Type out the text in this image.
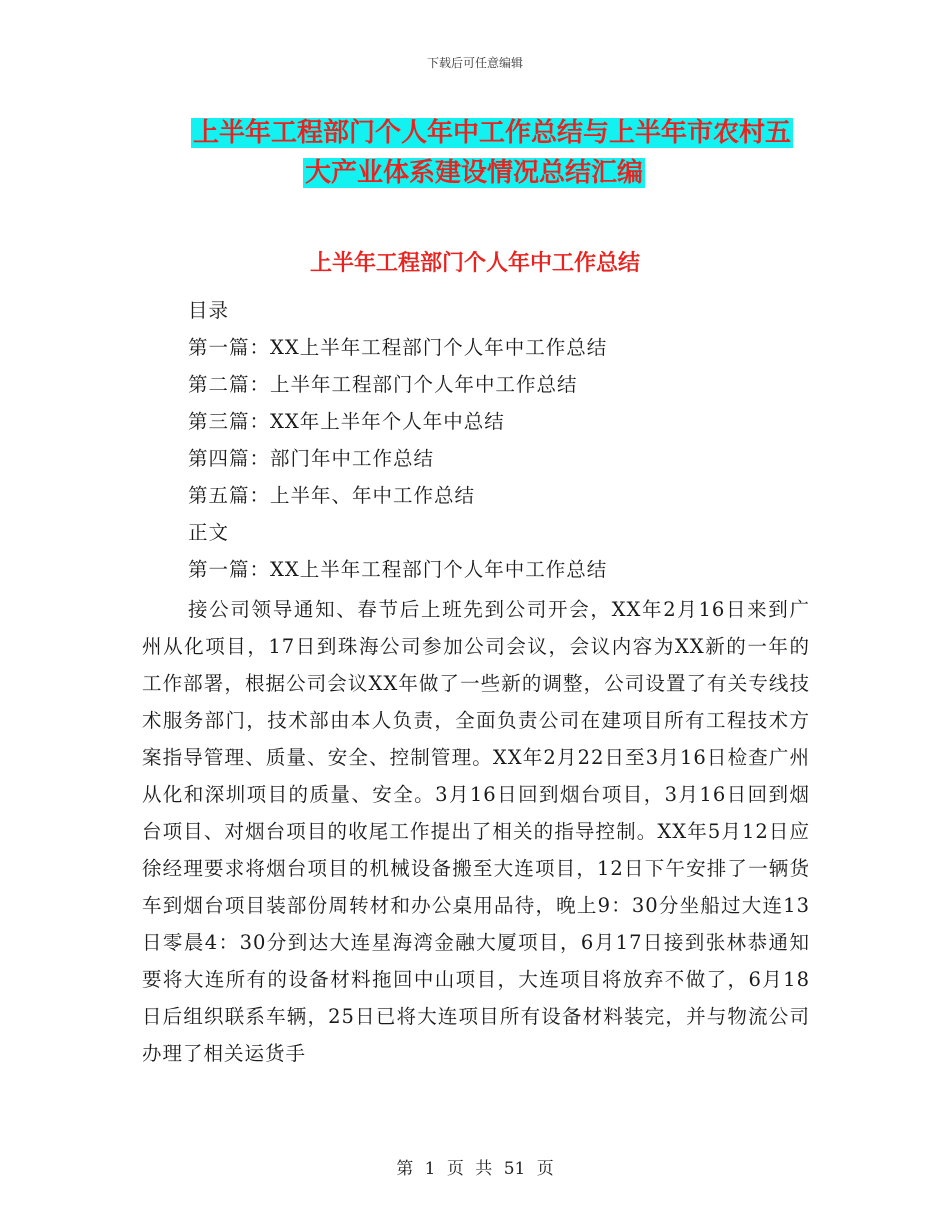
下载后可任意编辑
上半年工程部门个人年中工作总结与上半年市农村五
大产业体系建设情况总结汇编
上半年工程部门个人年中工作总结
目录
第一篇：XX上半年工程部门个人年中工作总结
第二篇：上半年工程部门个人年中工作总结
第三篇：XX年上半年个人年中总结
第四篇：部门年中工作总结
第五篇：上半年、年中工作总结
正文
第一篇：XX上半年工程部门个人年中工作总结
接公司领导通知、春节后上班先到公司开会，XX年2月16日来到广州从化项目，17日到珠海公司参加公司会议，会议内容为XX新的一年的工作部署，根据公司会议XX年做了一些新的调整，公司设置了有关专线技术服务部门，技术部由本人负责，全面负责公司在建项目所有工程技术方案指导管理、质量、安全、控制管理。XX年2月22日至3月16日检查广州从化和深圳项目的质量、安全。3月16日回到烟台项目，3月16日回到烟台项目、对烟台项目的收尾工作提出了相关的指导控制。XX年5月12日应徐经理要求将烟台项目的机械设备搬至大连项目，12日下午安排了一辆货车到烟台项目装部份周转材和办公桌用品待，晚上9：30分坐船过大连13日零晨4：30分到达大连星海湾金融大厦项目，6月17日接到张林恭通知要将大连所有的设备材料拖回中山项目，大连项目将放弃不做了，6月18日后组织联系车辆，25日已将大连项目所有设备材料装完，并与物流公司办理了相关运货手
第 1 页 共 51 页
